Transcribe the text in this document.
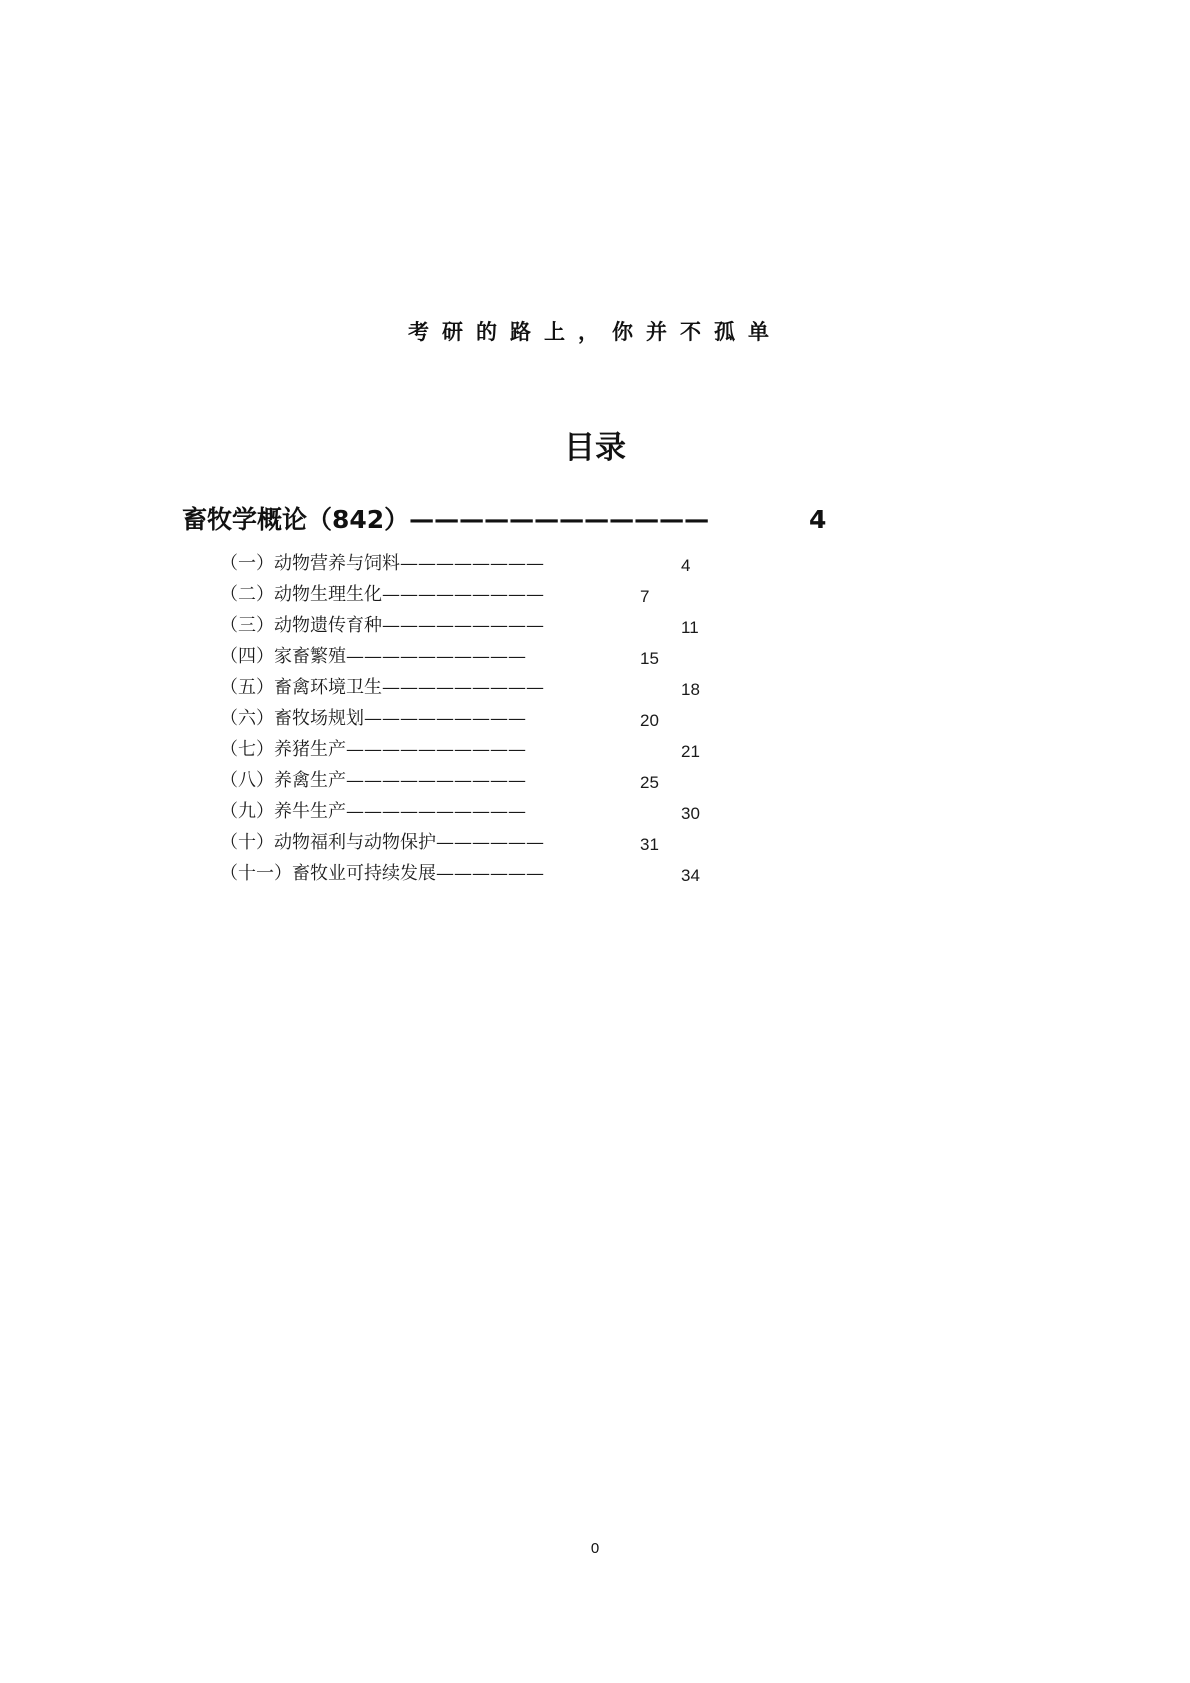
考研的路上，你并不孤单
目录
畜牧学概论（842）————————————	4
（一）动物营养与饲料————————	4
（二）动物生理生化—————————	7
（三）动物遗传育种—————————	11
（四）家畜繁殖——————————	15
（五）畜禽环境卫生—————————	18
（六）畜牧场规划—————————	20
（七）养猪生产——————————	21
（八）养禽生产——————————	25
（九）养牛生产——————————	30
（十）动物福利与动物保护——————	31
（十一）畜牧业可持续发展——————	34
0
